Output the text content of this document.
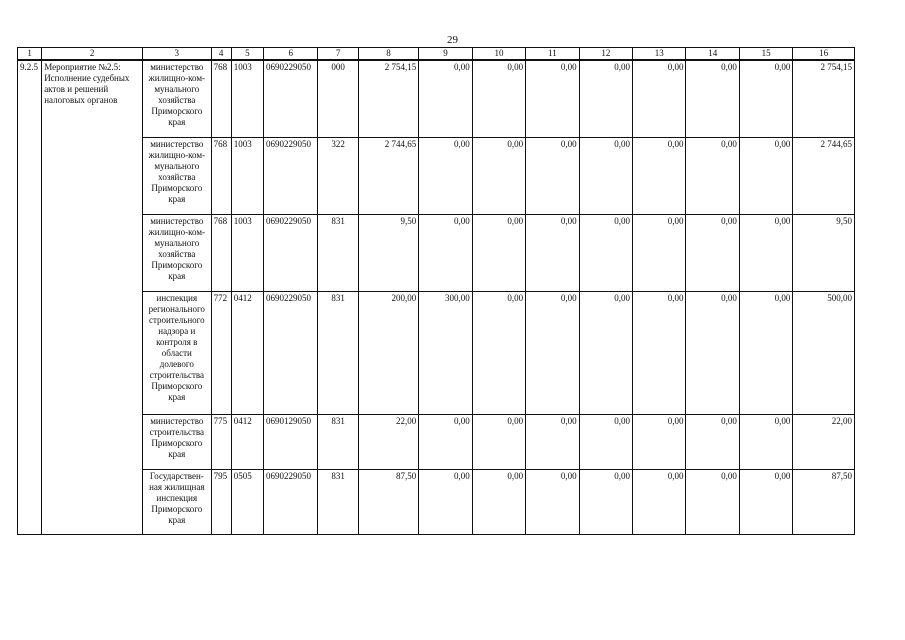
29
1	2	3	4	5	6	7	8	9	10	11	12	13	14	15	16
9.2.5	Мероприятие №2.5: Исполнение судебных актов и решений налоговых органов	министерство жилищно-ком-мунального хозяйства Приморского края	768	1003	0690229050	000	2 754,15	0,00	0,00	0,00	0,00	0,00	0,00	0,00	2 754,15
		министерство жилищно-ком-мунального хозяйства Приморского края	768	1003	0690229050	322	2 744,65	0,00	0,00	0,00	0,00	0,00	0,00	0,00	2 744,65
		министерство жилищно-ком-мунального хозяйства Приморского края	768	1003	0690229050	831	9,50	0,00	0,00	0,00	0,00	0,00	0,00	0,00	9,50
		инспекция регионального строительного надзора и контроля в области долевого строительства Приморского края	772	0412	0690229050	831	200,00	300,00	0,00	0,00	0,00	0,00	0,00	0,00	500,00
		министерство строительства Приморского края	775	0412	0690129050	831	22,00	0,00	0,00	0,00	0,00	0,00	0,00	0,00	22,00
		Государствен-ная жилищная инспекция Приморского края	795	0505	0690229050	831	87,50	0,00	0,00	0,00	0,00	0,00	0,00	0,00	87,50
